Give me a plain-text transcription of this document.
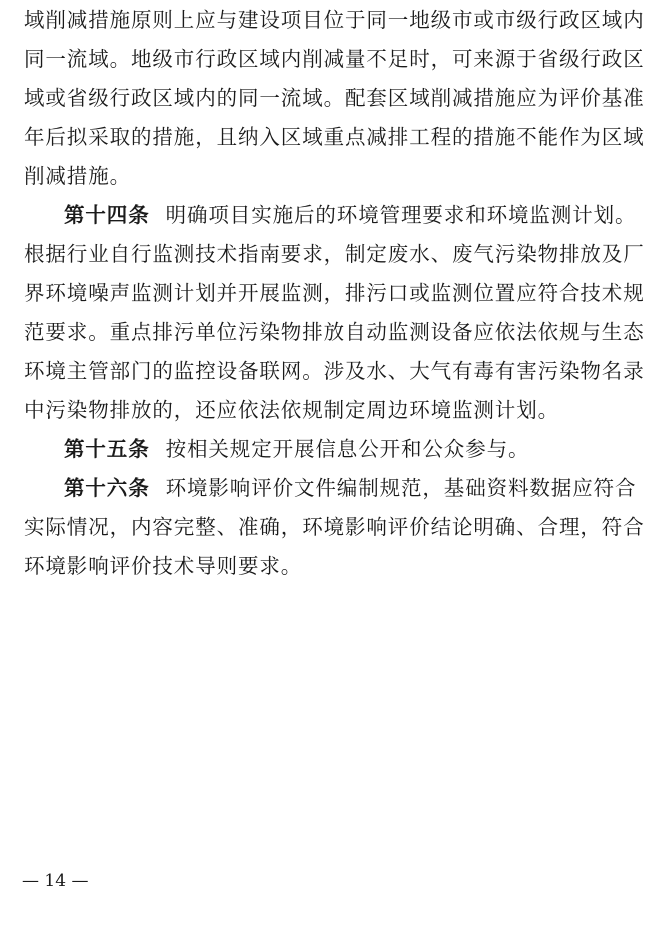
域削减措施原则上应与建设项目位于同一地级市或市级行政区域内
同一流域。地级市行政区域内削减量不足时，可来源于省级行政区
域或省级行政区域内的同一流域。配套区域削减措施应为评价基准
年后拟采取的措施，且纳入区域重点减排工程的措施不能作为区域
削减措施。
第十四条 明确项目实施后的环境管理要求和环境监测计划。
根据行业自行监测技术指南要求，制定废水、废气污染物排放及厂
界环境噪声监测计划并开展监测，排污口或监测位置应符合技术规
范要求。重点排污单位污染物排放自动监测设备应依法依规与生态
环境主管部门的监控设备联网。涉及水、大气有毒有害污染物名录
中污染物排放的，还应依法依规制定周边环境监测计划。
第十五条 按相关规定开展信息公开和公众参与。
第十六条 环境影响评价文件编制规范，基础资料数据应符合
实际情况，内容完整、准确，环境影响评价结论明确、合理，符合
环境影响评价技术导则要求。
— 14 —
